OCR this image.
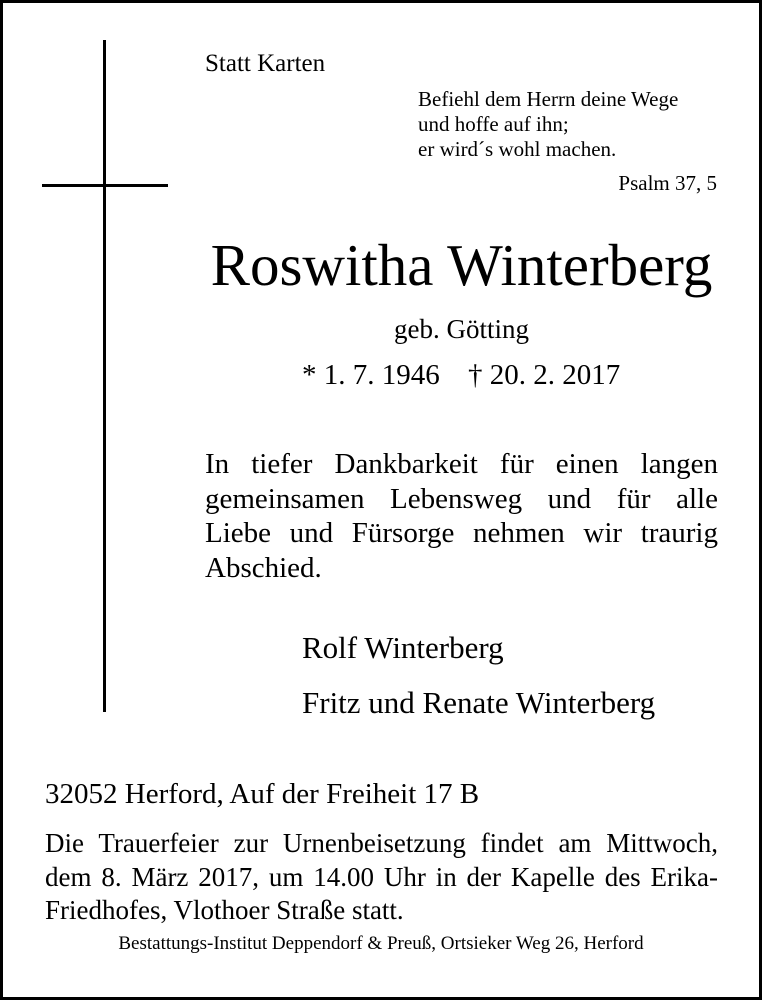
Statt Karten
Befiehl dem Herrn deine Wege
und hoffe auf ihn;
er wird´s wohl machen.
Psalm 37, 5
Roswitha Winterberg
geb. Götting
* 1. 7. 1946 † 20. 2. 2017
In tiefer Dankbarkeit für einen langen
gemeinsamen Lebensweg und für alle
Liebe und Fürsorge nehmen wir traurig
Abschied.
Rolf Winterberg
Fritz und Renate Winterberg
32052 Herford, Auf der Freiheit 17 B
Die Trauerfeier zur Urnenbeisetzung findet am Mittwoch,
dem 8. März 2017, um 14.00 Uhr in der Kapelle des Erika-
Friedhofes, Vlothoer Straße statt.
Bestattungs-Institut Deppendorf & Preuß, Ortsieker Weg 26, Herford
